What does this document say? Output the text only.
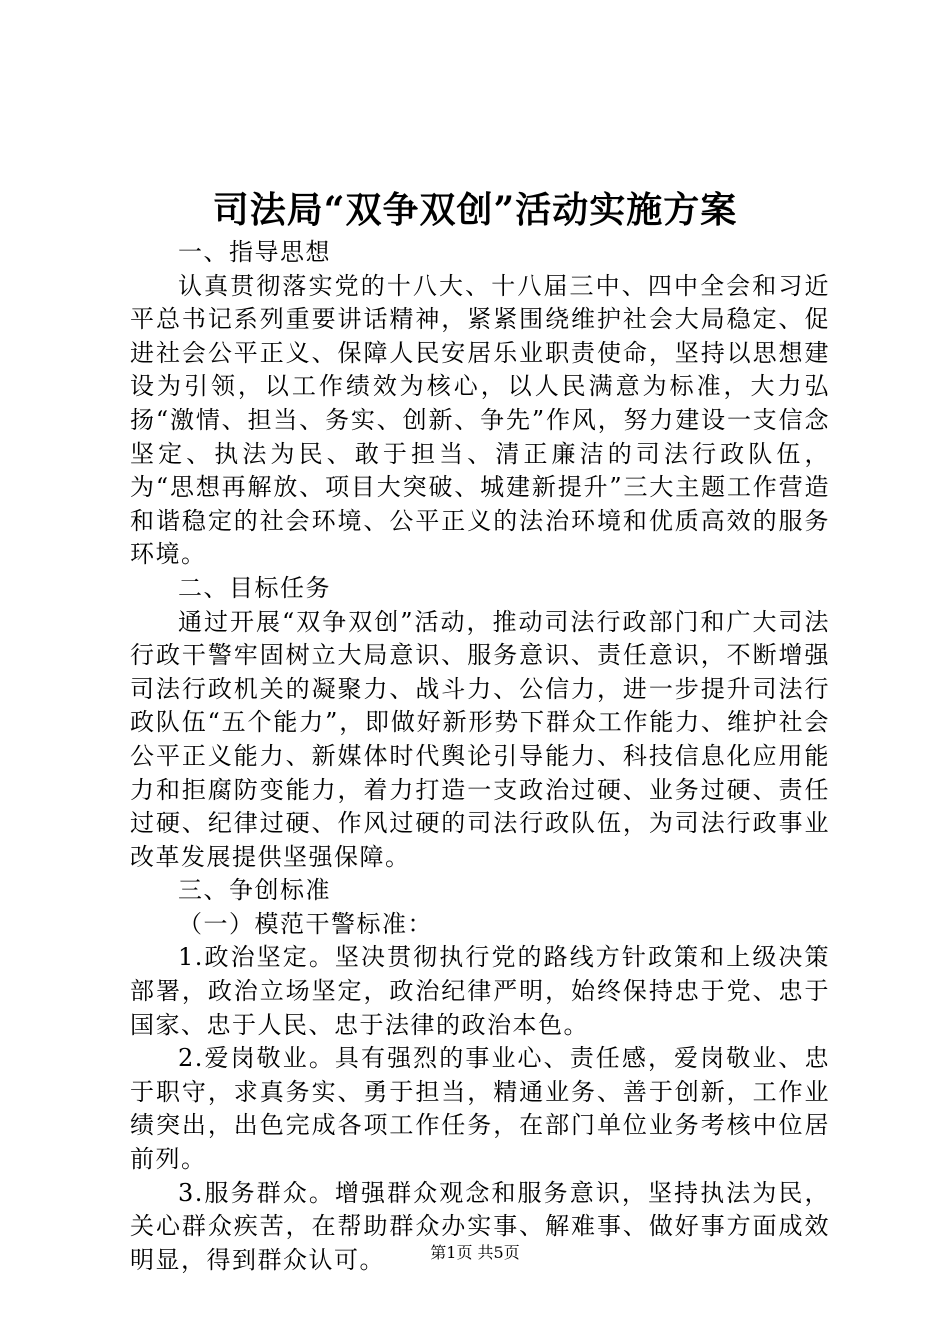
司法局“双争双创”活动实施方案

一、指导思想

认真贯彻落实党的十八大、十八届三中、四中全会和习近平总书记系列重要讲话精神，紧紧围绕维护社会大局稳定、促进社会公平正义、保障人民安居乐业职责使命，坚持以思想建设为引领，以工作绩效为核心，以人民满意为标准，大力弘扬“激情、担当、务实、创新、争先”作风，努力建设一支信念坚定、执法为民、敢于担当、清正廉洁的司法行政队伍，为“思想再解放、项目大突破、城建新提升”三大主题工作营造和谐稳定的社会环境、公平正义的法治环境和优质高效的服务环境。

二、目标任务

通过开展“双争双创”活动，推动司法行政部门和广大司法行政干警牢固树立大局意识、服务意识、责任意识，不断增强司法行政机关的凝聚力、战斗力、公信力，进一步提升司法行政队伍“五个能力”，即做好新形势下群众工作能力、维护社会公平正义能力、新媒体时代舆论引导能力、科技信息化应用能力和拒腐防变能力，着力打造一支政治过硬、业务过硬、责任过硬、纪律过硬、作风过硬的司法行政队伍，为司法行政事业改革发展提供坚强保障。

三、争创标准

（一）模范干警标准：

1.政治坚定。坚决贯彻执行党的路线方针政策和上级决策部署，政治立场坚定，政治纪律严明，始终保持忠于党、忠于国家、忠于人民、忠于法律的政治本色。

2.爱岗敬业。具有强烈的事业心、责任感，爱岗敬业、忠于职守，求真务实、勇于担当，精通业务、善于创新，工作业绩突出，出色完成各项工作任务，在部门单位业务考核中位居前列。

3.服务群众。增强群众观念和服务意识，坚持执法为民，关心群众疾苦，在帮助群众办实事、解难事、做好事方面成效明显，得到群众认可。	第1页 共5页
